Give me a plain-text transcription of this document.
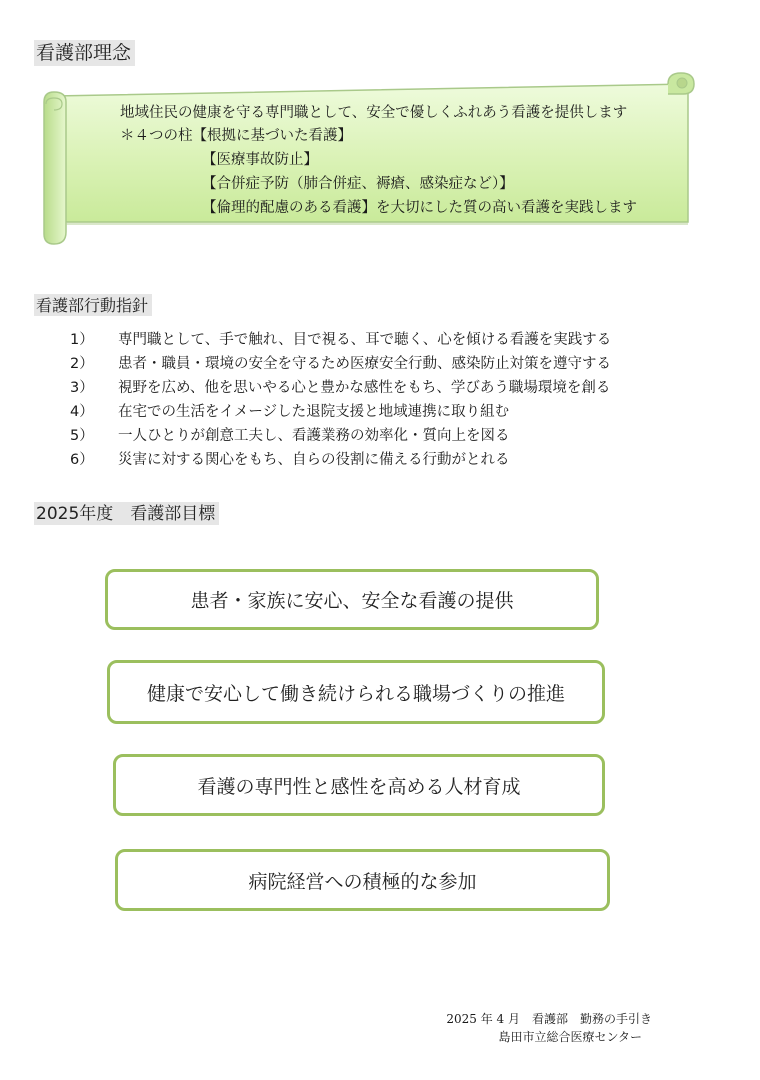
看護部理念
地域住民の健康を守る専門職として、安全で優しくふれあう看護を提供します
＊４つの柱【根拠に基づいた看護】
【医療事故防止】
【合併症予防（肺合併症、褥瘡、感染症など）】
【倫理的配慮のある看護】を大切にした質の高い看護を実践します
看護部行動指針
1）	専門職として、手で触れ、目で視る、耳で聴く、心を傾ける看護を実践する
2）	患者・職員・環境の安全を守るため医療安全行動、感染防止対策を遵守する
3）	視野を広め、他を思いやる心と豊かな感性をもち、学びあう職場環境を創る
4）	在宅での生活をイメージした退院支援と地域連携に取り組む
5）	一人ひとりが創意工夫し、看護業務の効率化・質向上を図る
6）	災害に対する関心をもち、自らの役割に備える行動がとれる
2025年度　看護部目標
患者・家族に安心、安全な看護の提供
健康で安心して働き続けられる職場づくりの推進
看護の専門性と感性を高める人材育成
病院経営への積極的な参加
2025 年 4 月　看護部　勤務の手引き
島田市立総合医療センター
